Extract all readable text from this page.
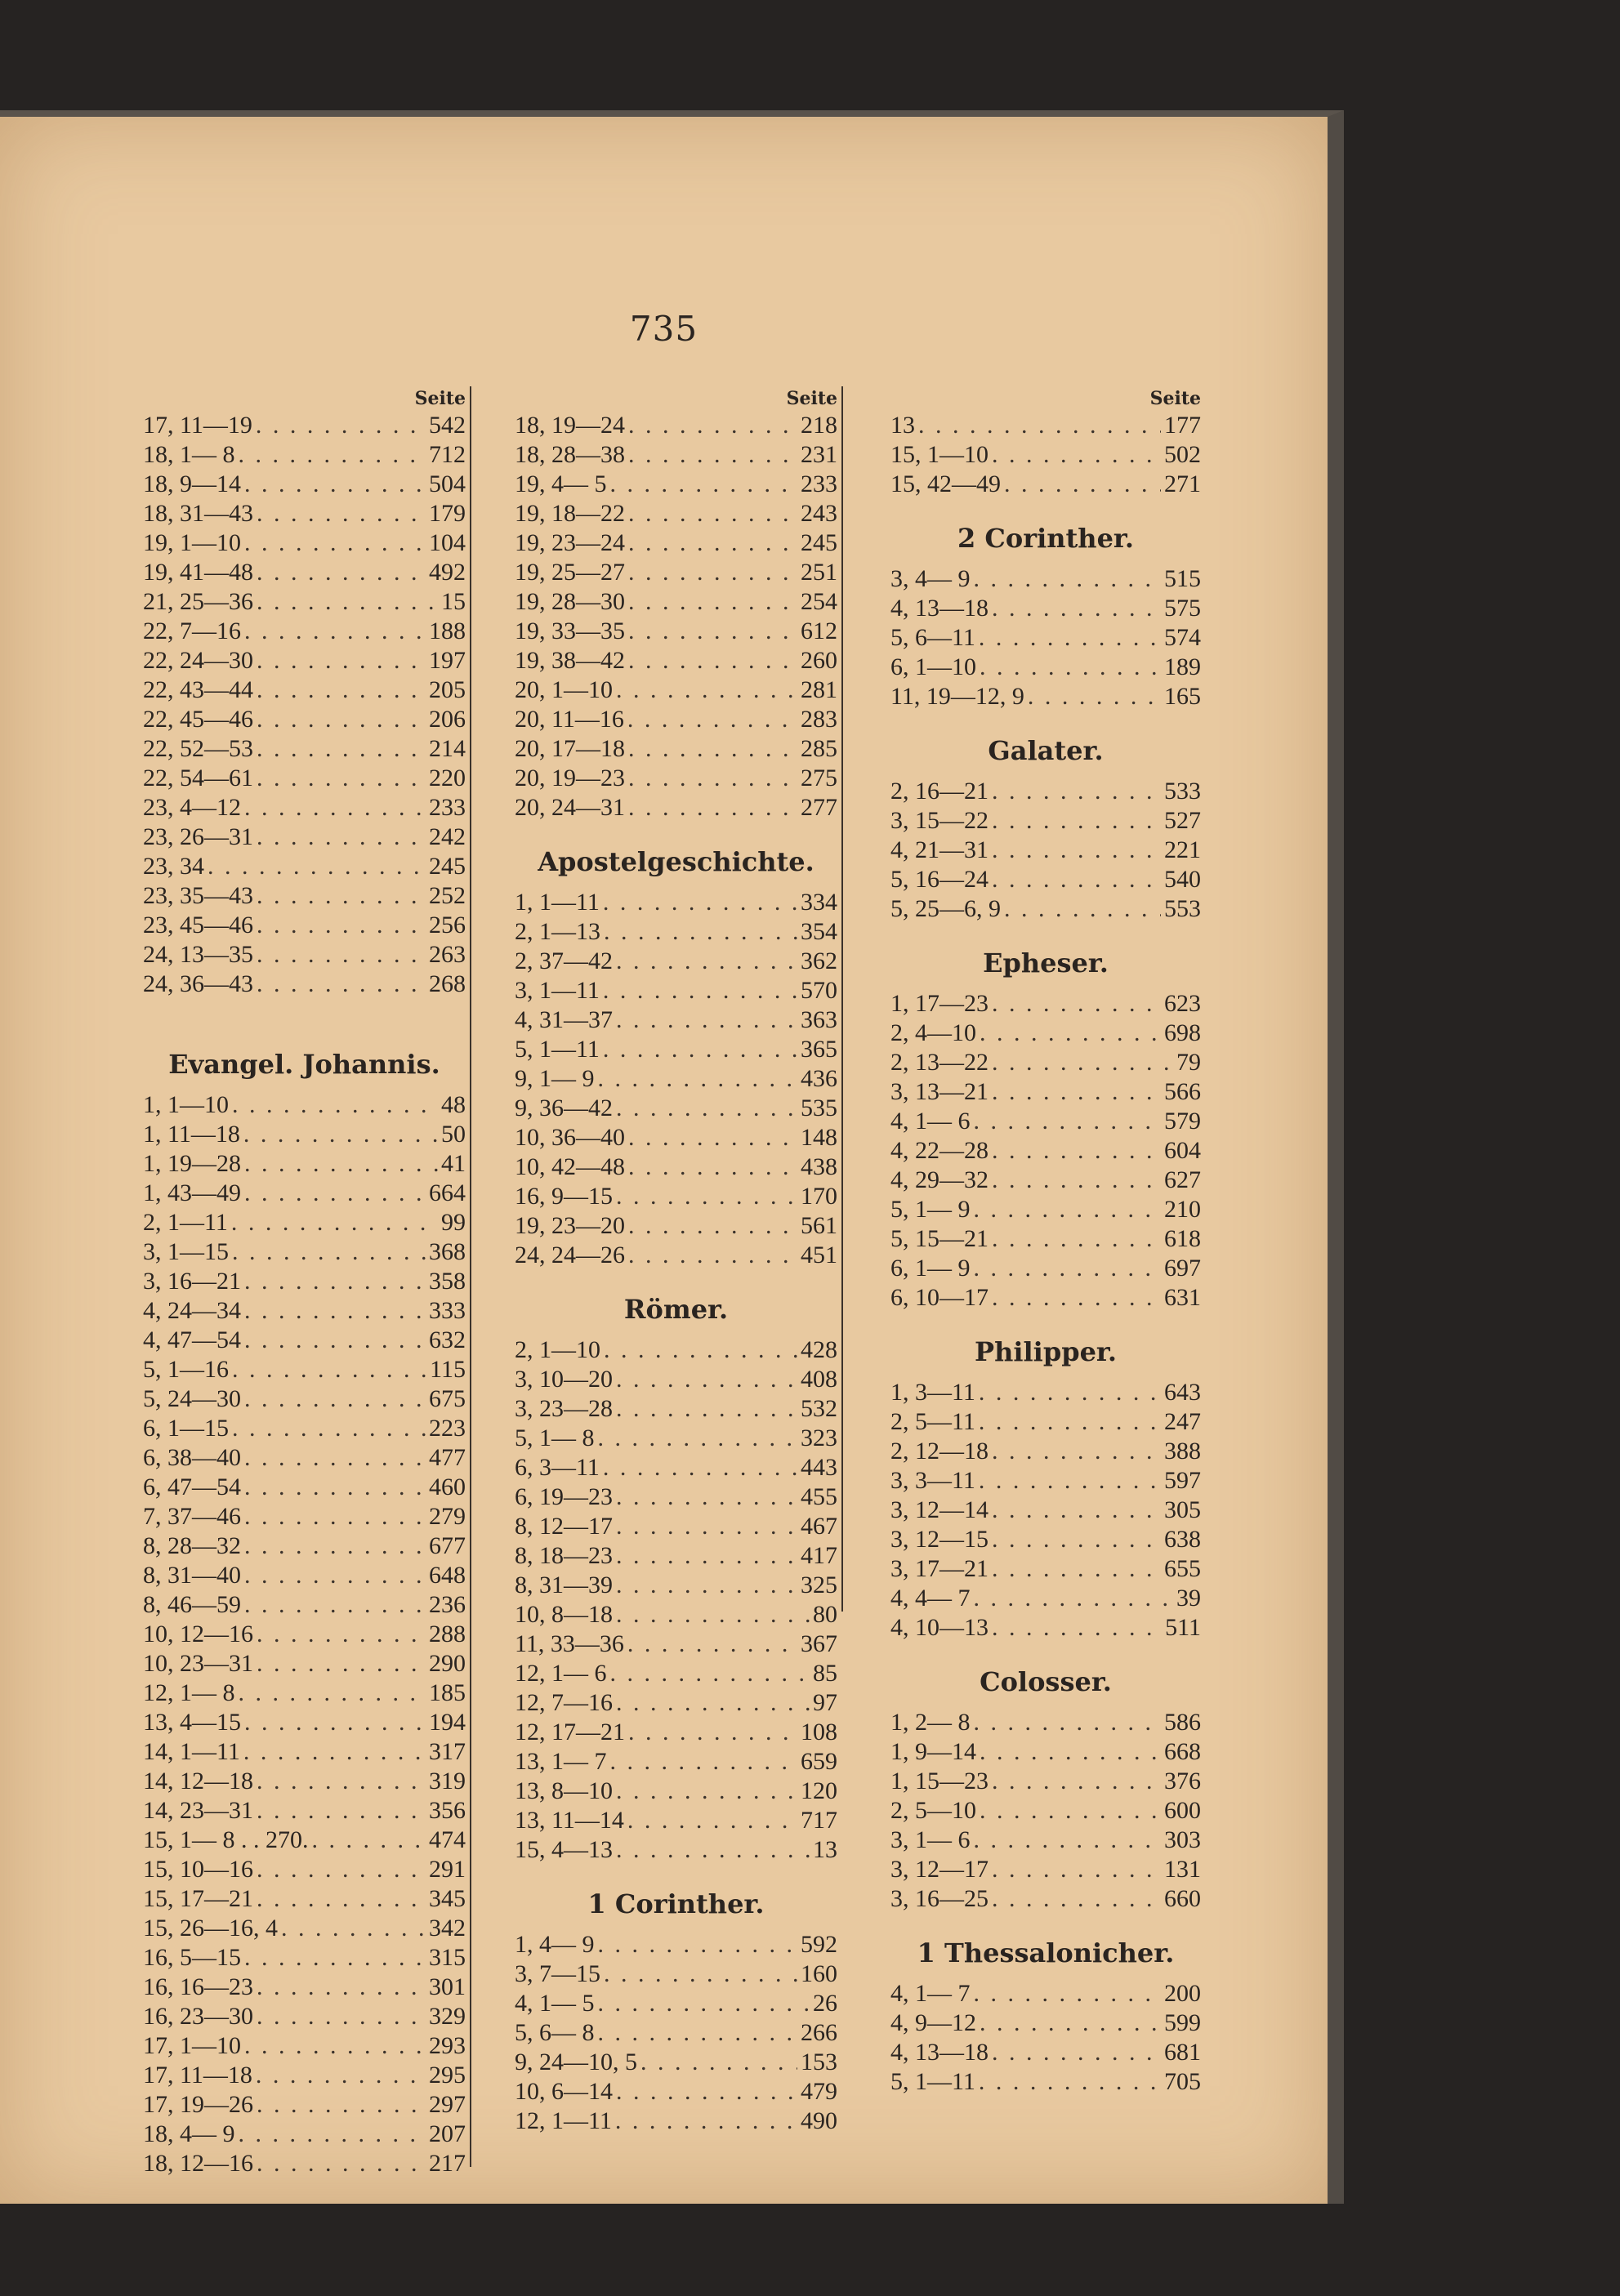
735
Seite
17, 11—19 . . .	542
18, 1— 8 . . .	712
18, 9—14 . . .	504
18, 31—43 . . .	179
19, 1—10 . . .	104
19, 41—48 . . .	492
21, 25—36 . . .	15
22, 7—16 . . .	188
22, 24—30 . . .	197
22, 43—44 . . .	205
22, 45—46 . . .	206
22, 52—53 . . .	214
22, 54—61 . . .	220
23, 4—12 . . .	233
23, 26—31 . . .	242
23, 34 . . .	245
23, 35—43 . . .	252
23, 45—46 . . .	256
24, 13—35 . . .	263
24, 36—43 . . .	268
Evangel. Johannis.
1, 1—10 . . .	48
1, 11—18 . . .	50
1, 19—28 . . .	41
1, 43—49 . . .	664
2, 1—11 . . .	99
3, 1—15 . . .	368
3, 16—21 . . .	358
4, 24—34 . . .	333
4, 47—54 . . .	632
5, 1—16 . . .	115
5, 24—30 . . .	675
6, 1—15 . . .	223
6, 38—40 . . .	477
6, 47—54 . . .	460
7, 37—46 . . .	279
8, 28—32 . . .	677
8, 31—40 . . .	648
8, 46—59 . . .	236
10, 12—16 . . .	288
10, 23—31 . . .	290
12, 1— 8 . . .	185
13, 4—15 . . .	194
14, 1—11 . . .	317
14, 12—18 . . .	319
14, 23—31 . . .	356
15, 1— 8 . . 270. . . .	474
15, 10—16 . . .	291
15, 17—21 . . .	345
15, 26—16, 4 . . .	342
16, 5—15 . . .	315
16, 16—23 . . .	301
16, 23—30 . . .	329
17, 1—10 . . .	293
17, 11—18 . . .	295
17, 19—26 . . .	297
18, 4— 9 . . .	207
18, 12—16 . . .	217
Seite
18, 19—24 . . .	218
18, 28—38 . . .	231
19, 4— 5 . . .	233
19, 18—22 . . .	243
19, 23—24 . . .	245
19, 25—27 . . .	251
19, 28—30 . . .	254
19, 33—35 . . .	612
19, 38—42 . . .	260
20, 1—10 . . .	281
20, 11—16 . . .	283
20, 17—18 . . .	285
20, 19—23 . . .	275
20, 24—31 . . .	277
Apostelgeschichte.
1, 1—11 . . .	334
2, 1—13 . . .	354
2, 37—42 . . .	362
3, 1—11 . . .	570
4, 31—37 . . .	363
5, 1—11 . . .	365
9, 1— 9 . . .	436
9, 36—42 . . .	535
10, 36—40 . . .	148
10, 42—48 . . .	438
16, 9—15 . . .	170
19, 23—20 . . .	561
24, 24—26 . . .	451
Römer.
2, 1—10 . . .	428
3, 10—20 . . .	408
3, 23—28 . . .	532
5, 1— 8 . . .	323
6, 3—11 . . .	443
6, 19—23 . . .	455
8, 12—17 . . .	467
8, 18—23 . . .	417
8, 31—39 . . .	325
10, 8—18 . . .	80
11, 33—36 . . .	367
12, 1— 6 . . .	85
12, 7—16 . . .	97
12, 17—21 . . .	108
13, 1— 7 . . .	659
13, 8—10 . . .	120
13, 11—14 . . .	717
15, 4—13 . . .	13
1 Corinther.
1, 4— 9 . . .	592
3, 7—15 . . .	160
4, 1— 5 . . .	26
5, 6— 8 . . .	266
9, 24—10, 5 . . .	153
10, 6—14 . . .	479
12, 1—11 . . .	490
Seite
13 . . .	177
15, 1—10 . . .	502
15, 42—49 . . .	271
2 Corinther.
3, 4— 9 . . .	515
4, 13—18 . . .	575
5, 6—11 . . .	574
6, 1—10 . . .	189
11, 19—12, 9 . . .	165
Galater.
2, 16—21 . . .	533
3, 15—22 . . .	527
4, 21—31 . . .	221
5, 16—24 . . .	540
5, 25—6, 9 . . .	553
Epheser.
1, 17—23 . . .	623
2, 4—10 . . .	698
2, 13—22 . . .	79
3, 13—21 . . .	566
4, 1— 6 . . .	579
4, 22—28 . . .	604
4, 29—32 . . .	627
5, 1— 9 . . .	210
5, 15—21 . . .	618
6, 1— 9 . . .	697
6, 10—17 . . .	631
Philipper.
1, 3—11 . . .	643
2, 5—11 . . .	247
2, 12—18 . . .	388
3, 3—11 . . .	597
3, 12—14 . . .	305
3, 12—15 . . .	638
3, 17—21 . . .	655
4, 4— 7 . . .	39
4, 10—13 . . .	511
Colosser.
1, 2— 8 . . .	586
1, 9—14 . . .	668
1, 15—23 . . .	376
2, 5—10 . . .	600
3, 1— 6 . . .	303
3, 12—17 . . .	131
3, 16—25 . . .	660
1 Thessalonicher.
4, 1— 7 . . .	200
4, 9—12 . . .	599
4, 13—18 . . .	681
5, 1—11 . . .	705
